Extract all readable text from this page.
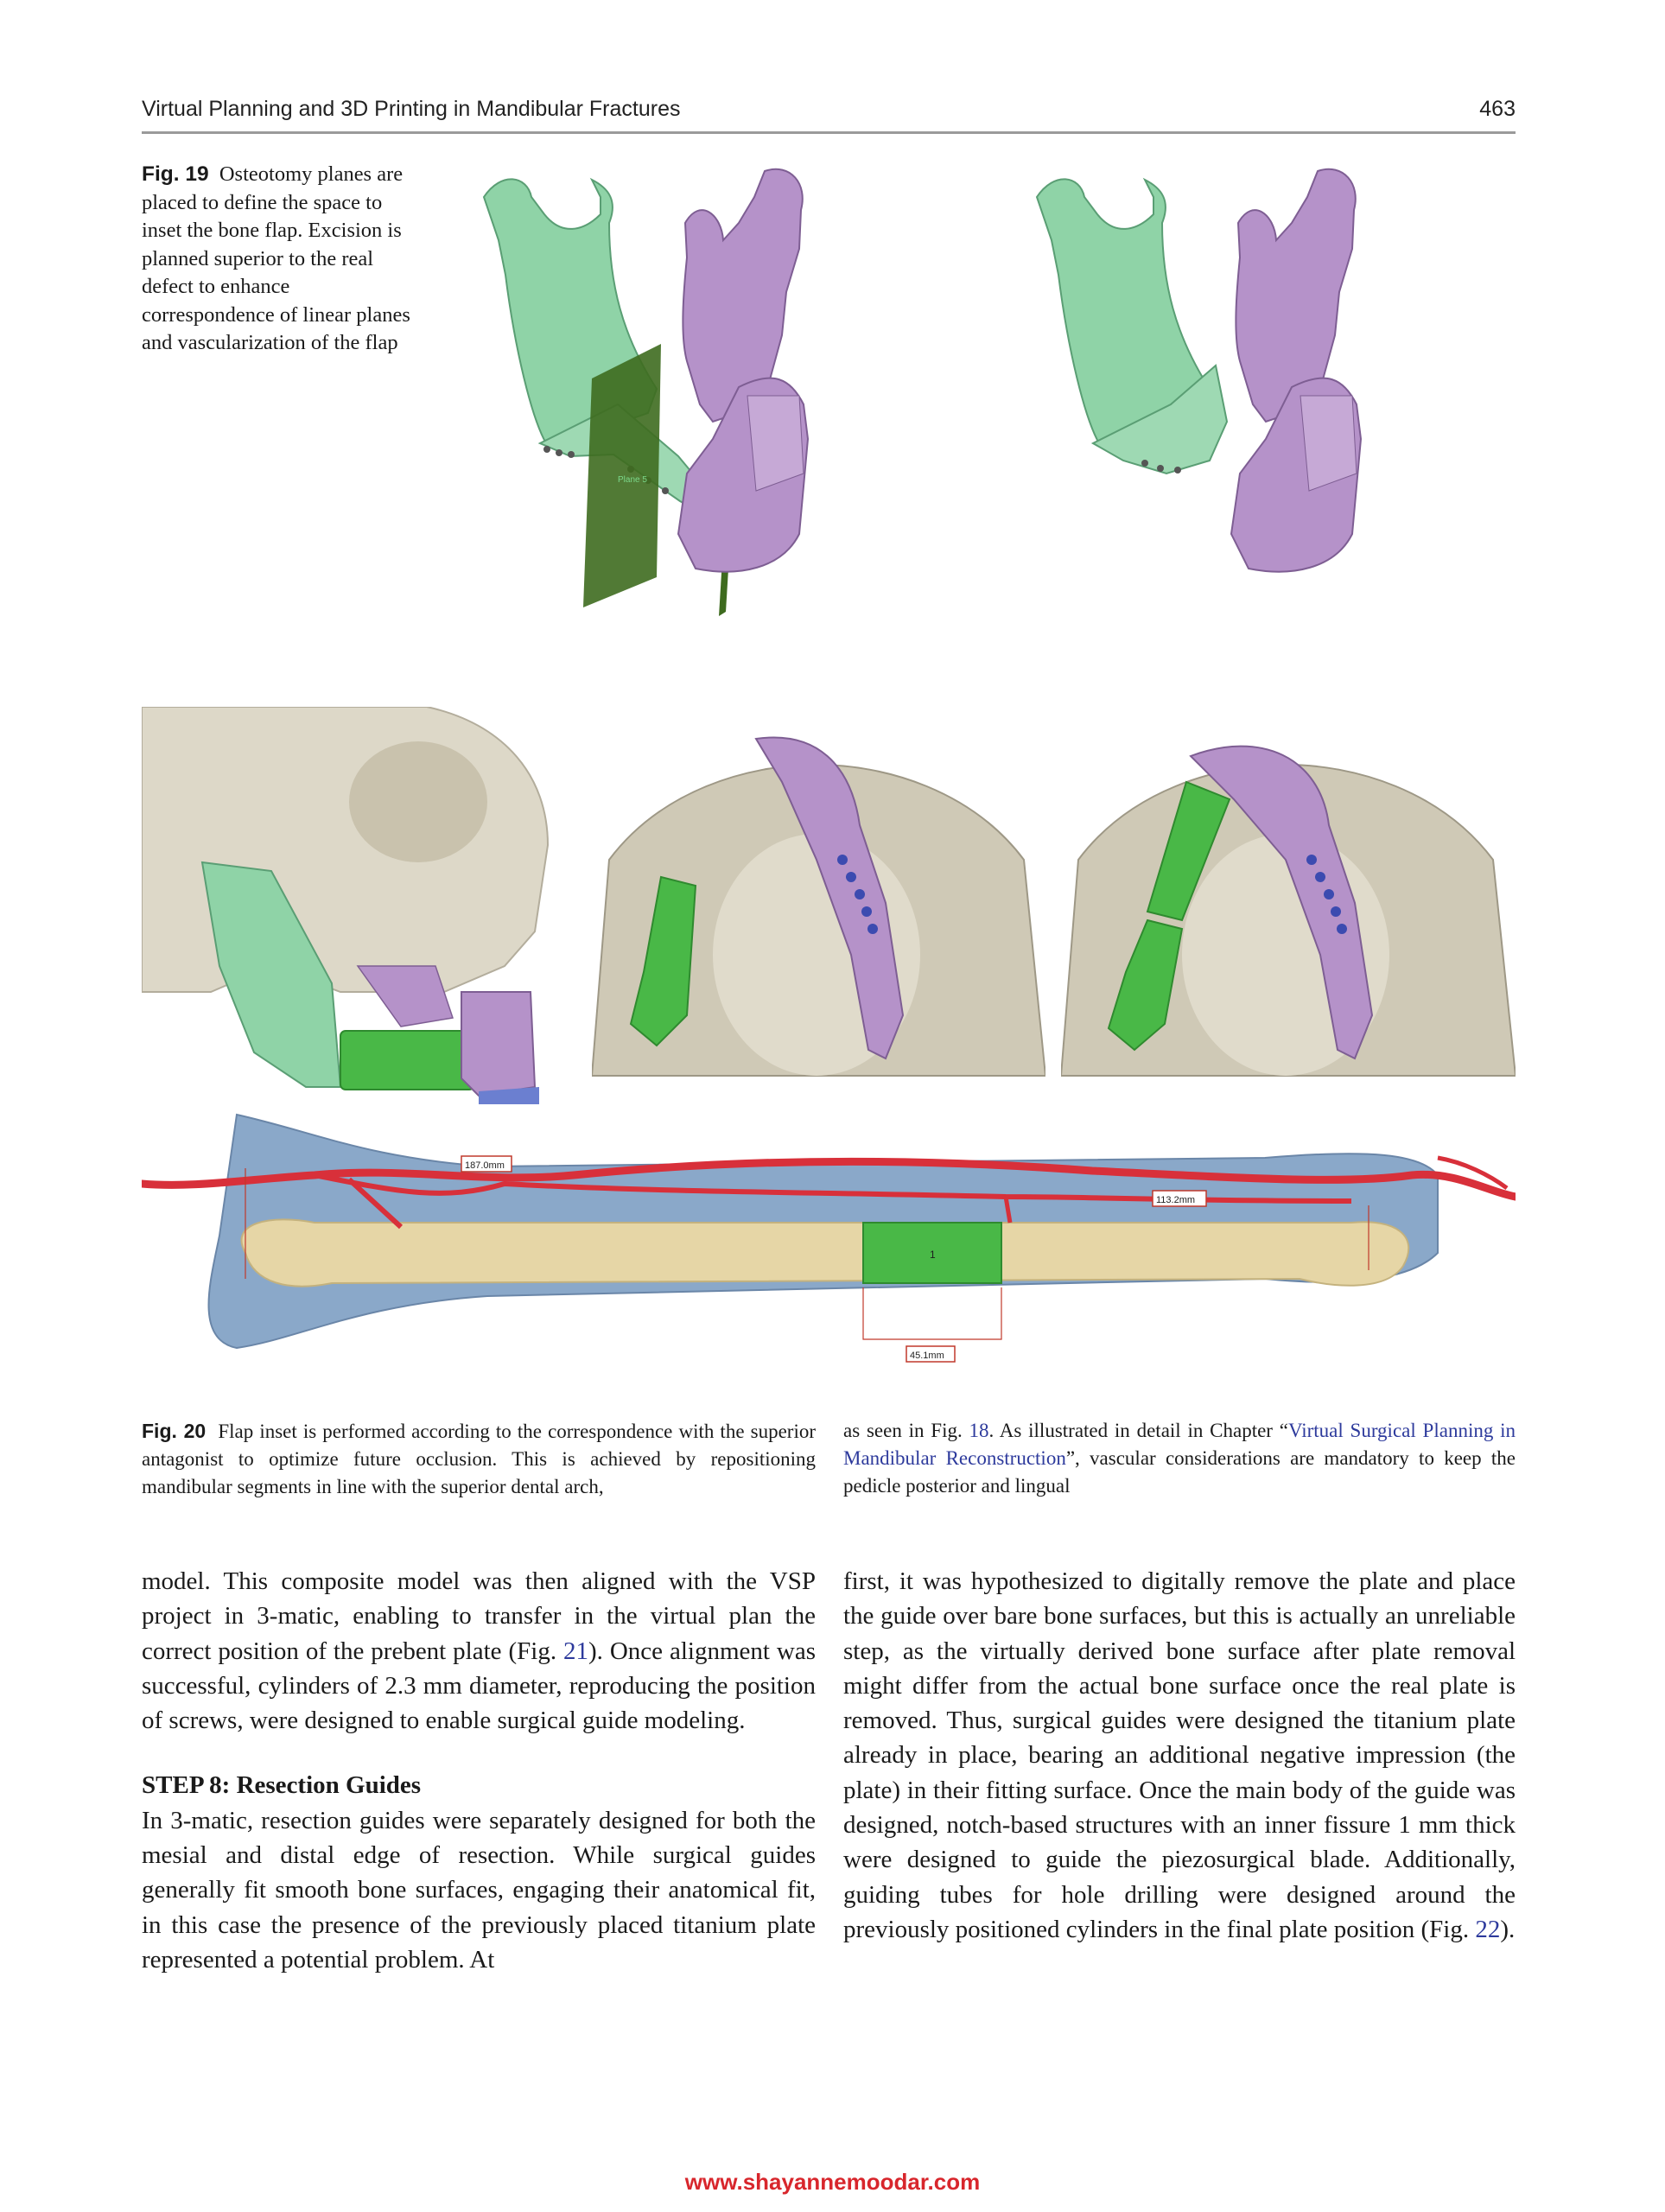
Virtual Planning and 3D Printing in Mandibular Fractures	463
Fig. 19 Osteotomy planes are placed to define the space to inset the bone flap. Excision is planned superior to the real defect to enhance correspondence of linear planes and vascularization of the flap
Plane 5
1
187.0mm
113.2mm
45.1mm
Fig. 20 Flap inset is performed according to the correspondence with the superior antagonist to optimize future occlusion. This is achieved by repositioning mandibular segments in line with the superior dental arch,
as seen in Fig. 18. As illustrated in detail in Chapter “Virtual Surgical Planning in Mandibular Reconstruction”, vascular considerations are mandatory to keep the pedicle posterior and lingual

model. This composite model was then aligned with the VSP project in 3-matic, enabling to transfer in the virtual plan the correct position of the prebent plate (Fig. 21). Once alignment was successful, cylinders of 2.3 mm diameter, reproducing the position of screws, were designed to enable surgical guide modeling.

STEP 8: Resection Guides

In 3-matic, resection guides were separately designed for both the mesial and distal edge of resection. While surgical guides generally fit smooth bone surfaces, engaging their anatomical fit, in this case the presence of the previously placed titanium plate represented a potential problem. At

first, it was hypothesized to digitally remove the plate and place the guide over bare bone surfaces, but this is actually an unreliable step, as the virtually derived bone surface after plate removal might differ from the actual bone surface once the real plate is removed. Thus, surgical guides were designed the titanium plate already in place, bearing an additional negative impression (the plate) in their fitting surface. Once the main body of the guide was designed, notch-based structures with an inner fissure 1 mm thick were designed to guide the piezosurgical blade. Additionally, guiding tubes for hole drilling were designed around the previously positioned cylinders in the final plate position (Fig. 22).

www.shayannemoodar.com
